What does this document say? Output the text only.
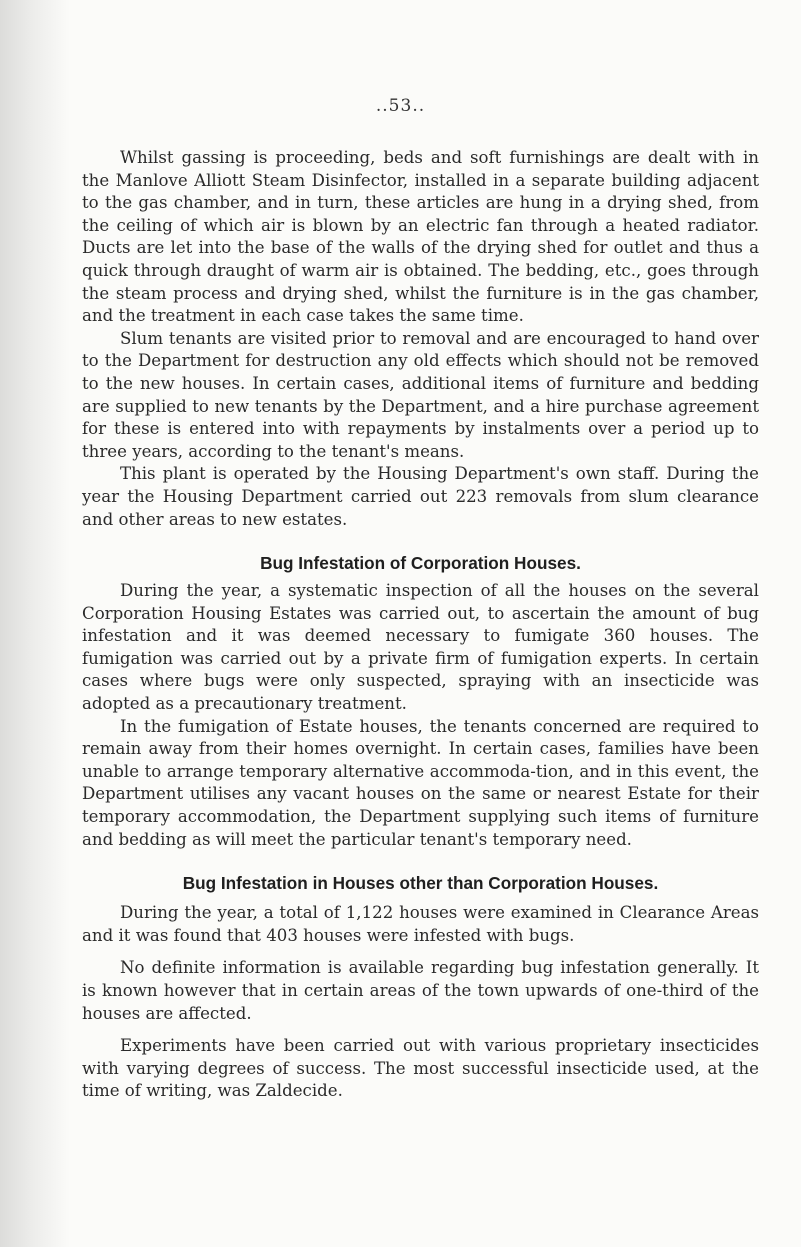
..53..

Whilst gassing is proceeding, beds and soft furnishings are dealt with in the Manlove Alliott Steam Disinfector, installed in a separate building adjacent to the gas chamber, and in turn, these articles are hung in a drying shed, from the ceiling of which air is blown by an electric fan through a heated radiator. Ducts are let into the base of the walls of the drying shed for outlet and thus a quick through draught of warm air is obtained. The bedding, etc., goes through the steam process and drying shed, whilst the furniture is in the gas chamber, and the treatment in each case takes the same time.

Slum tenants are visited prior to removal and are encouraged to hand over to the Department for destruction any old effects which should not be removed to the new houses. In certain cases, additional items of furniture and bedding are supplied to new tenants by the Department, and a hire purchase agreement for these is entered into with repayments by instalments over a period up to three years, according to the tenant's means.

This plant is operated by the Housing Department's own staff. During the year the Housing Department carried out 223 removals from slum clearance and other areas to new estates.

Bug Infestation of Corporation Houses.

During the year, a systematic inspection of all the houses on the several Corporation Housing Estates was carried out, to ascertain the amount of bug infestation and it was deemed necessary to fumigate 360 houses. The fumigation was carried out by a private firm of fumigation experts. In certain cases where bugs were only suspected, spraying with an insecticide was adopted as a precautionary treatment.

In the fumigation of Estate houses, the tenants concerned are required to remain away from their homes overnight. In certain cases, families have been unable to arrange temporary alternative accommoda-tion, and in this event, the Department utilises any vacant houses on the same or nearest Estate for their temporary accommodation, the Department supplying such items of furniture and bedding as will meet the particular tenant's temporary need.

Bug Infestation in Houses other than Corporation Houses.

During the year, a total of 1,122 houses were examined in Clearance Areas and it was found that 403 houses were infested with bugs.

No definite information is available regarding bug infestation generally. It is known however that in certain areas of the town upwards of one-third of the houses are affected.

Experiments have been carried out with various proprietary insecticides with varying degrees of success. The most successful insecticide used, at the time of writing, was Zaldecide.
